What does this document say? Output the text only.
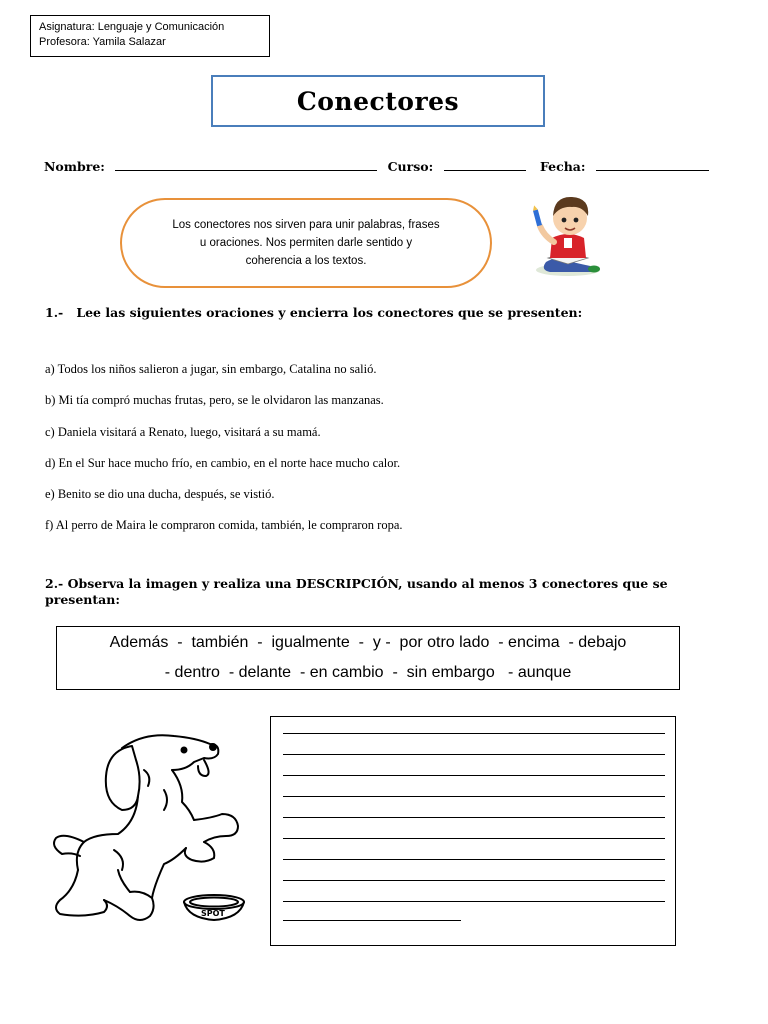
Asignatura: Lenguaje y Comunicación
Profesora: Yamila Salazar
Conectores
Nombre:	Curso:	Fecha:
Los conectores nos sirven para unir palabras, frases
u oraciones. Nos permiten darle sentido y
coherencia a los textos.
1.- Lee las siguientes oraciones y encierra los conectores que se presenten:
a) Todos los niños salieron a jugar, sin embargo, Catalina no salió.
b) Mi tía compró muchas frutas, pero, se le olvidaron las manzanas.
c) Daniela visitará a Renato, luego, visitará a su mamá.
d) En el Sur hace mucho frío, en cambio, en el norte hace mucho calor.
e) Benito se dio una ducha, después, se vistió.
f) Al perro de Maira le compraron comida, también, le compraron ropa.
2.- Observa la imagen y realiza una DESCRIPCIÓN, usando al menos 3 conectores que se
presentan:
Además  -  también  -  igualmente  -  y -  por otro lado  - encima  - debajo
- dentro  - delante  - en cambio  -  sin embargo   - aunque
SPOT
